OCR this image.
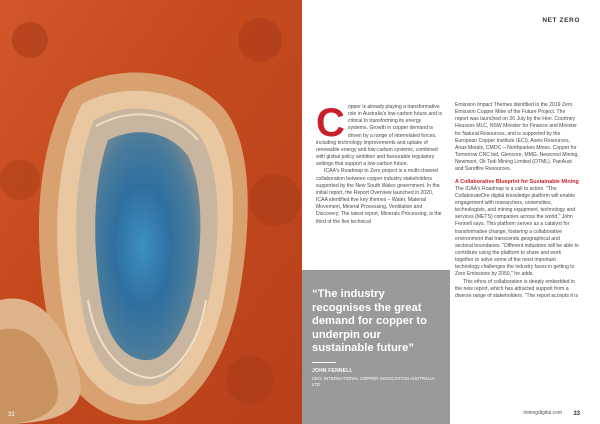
32
NET ZERO

Copper is already playing a transformative role in Australia's low-carbon future and is critical to transforming its energy systems. Growth in copper demand is driven by a range of interrelated forces, including technology improvements and uptake of renewable energy and low-carbon systems, combined with global policy ambition and favourable regulatory settings that support a low-carbon future.

ICAA's Roadmap to Zero project is a multi-channel collaboration between copper industry stakeholders supported by the New South Wales government. In the initial report, the Report Overview launched in 2020, ICAA identified five key themes – Water, Material Movement, Mineral Processing, Ventilation and Discovery. The latest report, Minerals Processing, is the third of the five technical

Emission Impact Themes identified in the 2019 Zero Emission Copper Mine of the Future Project. The report was launched on 26 July by the Hon. Courtney Houssos MLC, NSW Minister for Finance and Minister for Natural Resources, and is supported by the European Copper Institute (ECI), Axeis Resources, Anax Metals, CMOC – Northparkes Mines, Copper for Tomorrow CRC bid, Glencore, MMG, Newcrest Mining, Newmont, Ok Tedi Mining Limited (OTML), PanAust and Sandfire Resources.

A Collaborative Blueprint for Sustainable Mining

The ICAA's Roadmap is a call to action. "The CollaborateOre digital knowledge platform will enable engagement with researchers, universities, technologists, and mining equipment, technology and services (METS) companies across the world," John Fennell says. This platform serves as a catalyst for transformative change, fostering a collaborative environment that transcends geographical and sectoral boundaries. "Different industries will be able to contribute using the platform to share and work together to solve some of the most important technology challenges the industry faces in getting to Zero Emissions by 2050," he adds.

This ethos of collaboration is deeply embedded in the new report, which has attracted support from a diverse range of stakeholders. "The report accepts it is

“The industry recognises the great demand for copper to underpin our sustainable future”

JOHN FENNELL
CEO, INTERNATIONAL COPPER ASSOCIATION AUSTRALIA LTD
miningdigital.com 33
